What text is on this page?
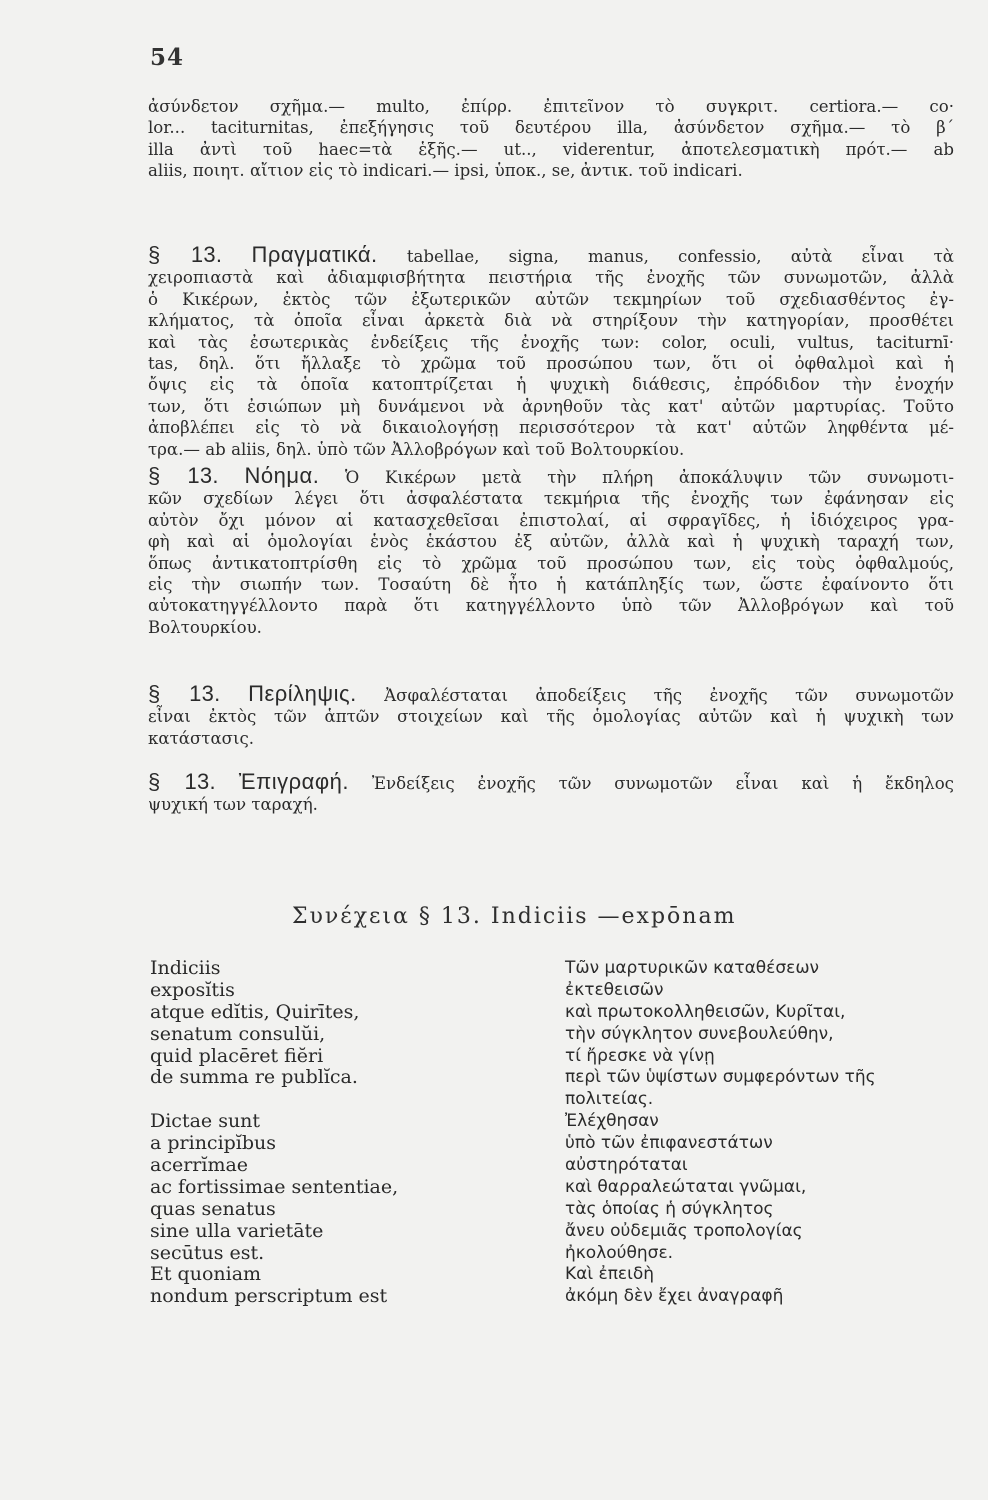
54
ἀσύνδετον σχῆμα.— multo, ἐπίρρ. ἐπιτεῖνον τὸ συγκριτ. certiora.— co·
lor... taciturnitas, ἐπεξήγησις τοῦ δευτέρου illa, ἀσύνδετον σχῆμα.— τὸ β΄
illa ἀντὶ τοῦ haec=τὰ ἑξῆς.— ut.., viderentur, ἀποτελεσματικὴ πρότ.— ab
aliis, ποιητ. αἴτιον εἰς τὸ indicari.— ipsi, ὑποκ., se, ἀντικ. τοῦ indicari.
§ 13. Πραγματικά. tabellae, signa, manus, confessio, αὐτὰ εἶναι τὰ
χειροπιαστὰ καὶ ἀδιαμφισβήτητα πειστήρια τῆς ἐνοχῆς τῶν συνωμοτῶν, ἀλλὰ
ὁ Κικέρων, ἐκτὸς τῶν ἐξωτερικῶν αὐτῶν τεκμηρίων τοῦ σχεδιασθέντος ἐγ-
κλήματος, τὰ ὁποῖα εἶναι ἀρκετὰ διὰ νὰ στηρίξουν τὴν κατηγορίαν, προσθέτει
καὶ τὰς ἐσωτερικὰς ἐνδείξεις τῆς ἐνοχῆς των: color, oculi, vultus, taciturnī·
tas, δηλ. ὅτι ἤλλαξε τὸ χρῶμα τοῦ προσώπου των, ὅτι οἱ ὀφθαλμοὶ καὶ ἡ
ὄψις εἰς τὰ ὁποῖα κατοπτρίζεται ἡ ψυχικὴ διάθεσις, ἐπρόδιδον τὴν ἐνοχήν
των, ὅτι ἐσιώπων μὴ δυνάμενοι νὰ ἀρνηθοῦν τὰς κατ' αὐτῶν μαρτυρίας. Τοῦτο
ἀποβλέπει εἰς τὸ νὰ δικαιολογήσῃ περισσότερον τὰ κατ' αὐτῶν ληφθέντα μέ-
τρα.— ab aliis, δηλ. ὑπὸ τῶν Ἀλλοβρόγων καὶ τοῦ Βολτουρκίου.
§ 13. Νόημα. Ὁ Κικέρων μετὰ τὴν πλήρη ἀποκάλυψιν τῶν συνωμοτι-
κῶν σχεδίων λέγει ὅτι ἀσφαλέστατα τεκμήρια τῆς ἐνοχῆς των ἐφάνησαν εἰς
αὐτὸν ὄχι μόνον αἱ κατασχεθεῖσαι ἐπιστολαί, αἱ σφραγῖδες, ἡ ἰδιόχειρος γρα-
φὴ καὶ αἱ ὁμολογίαι ἑνὸς ἑκάστου ἐξ αὐτῶν, ἀλλὰ καὶ ἡ ψυχικὴ ταραχή των,
ὅπως ἀντικατοπτρίσθη εἰς τὸ χρῶμα τοῦ προσώπου των, εἰς τοὺς ὀφθαλμούς,
εἰς τὴν σιωπήν των. Τοσαύτη δὲ ἦτο ἡ κατάπληξίς των, ὥστε ἐφαίνοντο ὅτι
αὐτοκατηγγέλλοντο παρὰ ὅτι κατηγγέλλοντο ὑπὸ τῶν Ἀλλοβρόγων καὶ τοῦ
Βολτουρκίου.
§ 13. Περίληψις. Ἀσφαλέσταται ἀποδείξεις τῆς ἐνοχῆς τῶν συνωμοτῶν
εἶναι ἐκτὸς τῶν ἁπτῶν στοιχείων καὶ τῆς ὁμολογίας αὐτῶν καὶ ἡ ψυχικὴ των
κατάστασις.
§ 13. Ἐπιγραφή. Ἐνδείξεις ἐνοχῆς τῶν συνωμοτῶν εἶναι καὶ ἡ ἔκδηλος
ψυχική των ταραχή.
Συνέχεια § 13. Indiciis —expōnam
Indiciis
exposĭtis
atque edĭtis, Quirītes,
senatum consulŭi,
quid placēret fiĕri
de summa re publĭca.
Dictae sunt
a principĭbus
acerrĭmae
ac fortissimae sententiae,
quas senatus
sine ulla varietāte
secūtus est.
Et quoniam
nondum perscriptum est
Τῶν μαρτυρικῶν καταθέσεων
ἐκτεθεισῶν
καὶ πρωτοκολληθεισῶν, Κυρῖται,
τὴν σύγκλητον συνεβουλεύθην,
τί ἤρεσκε νὰ γίνῃ
περὶ τῶν ὑψίστων συμφερόντων τῆς
πολιτείας.
Ἐλέχθησαν
ὑπὸ τῶν ἐπιφανεστάτων
αὐστηρόταται
καὶ θαρραλεώταται γνῶμαι,
τὰς ὁποίας ἡ σύγκλητος
ἄνευ οὐδεμιᾶς τροπολογίας
ἠκολούθησε.
Καὶ ἐπειδὴ
ἀκόμη δὲν ἔχει ἀναγραφῆ
